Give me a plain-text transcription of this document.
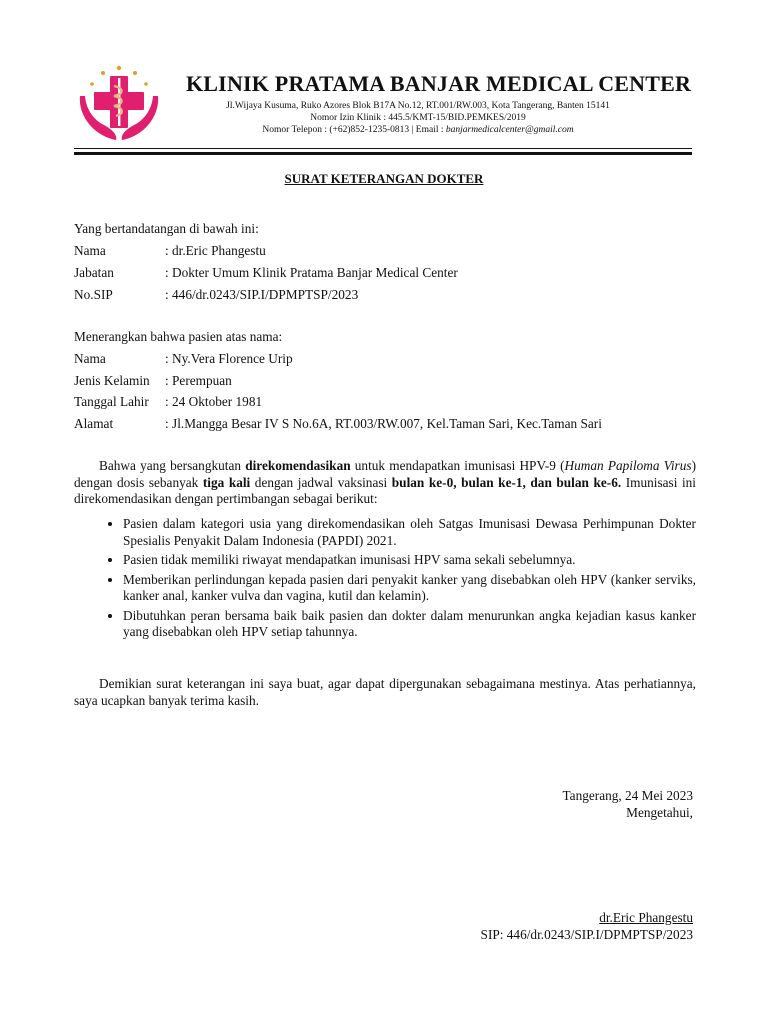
KLINIK PRATAMA BANJAR MEDICAL CENTER
Jl.Wijaya Kusuma, Ruko Azores Blok B17A No.12, RT.001/RW.003, Kota Tangerang, Banten 15141
Nomor Izin Klinik : 445.5/KMT-15/BID.PEMKES/2019
Nomor Telepon : (+62)852-1235-0813 | Email : banjarmedicalcenter@gmail.com
SURAT KETERANGAN DOKTER
Yang bertandatangan di bawah ini:
Nama	: dr.Eric Phangestu
Jabatan	: Dokter Umum Klinik Pratama Banjar Medical Center
No.SIP	: 446/dr.0243/SIP.I/DPMPTSP/2023
Menerangkan bahwa pasien atas nama:
Nama	: Ny.Vera Florence Urip
Jenis Kelamin : Perempuan
Tanggal Lahir : 24 Oktober 1981
Alamat	: Jl.Mangga Besar IV S No.6A, RT.003/RW.007, Kel.Taman Sari, Kec.Taman Sari
Bahwa yang bersangkutan direkomendasikan untuk mendapatkan imunisasi HPV-9 (Human Papiloma Virus) dengan dosis sebanyak tiga kali dengan jadwal vaksinasi bulan ke-0, bulan ke-1, dan bulan ke-6. Imunisasi ini direkomendasikan dengan pertimbangan sebagai berikut:
• Pasien dalam kategori usia yang direkomendasikan oleh Satgas Imunisasi Dewasa Perhimpunan Dokter Spesialis Penyakit Dalam Indonesia (PAPDI) 2021.
• Pasien tidak memiliki riwayat mendapatkan imunisasi HPV sama sekali sebelumnya.
• Memberikan perlindungan kepada pasien dari penyakit kanker yang disebabkan oleh HPV (kanker serviks, kanker anal, kanker vulva dan vagina, kutil dan kelamin).
• Dibutuhkan peran bersama baik baik pasien dan dokter dalam menurunkan angka kejadian kasus kanker yang disebabkan oleh HPV setiap tahunnya.
Demikian surat keterangan ini saya buat, agar dapat dipergunakan sebagaimana mestinya. Atas perhatiannya, saya ucapkan banyak terima kasih.
Tangerang, 24 Mei 2023
Mengetahui,
dr.Eric Phangestu
SIP: 446/dr.0243/SIP.I/DPMPTSP/2023
